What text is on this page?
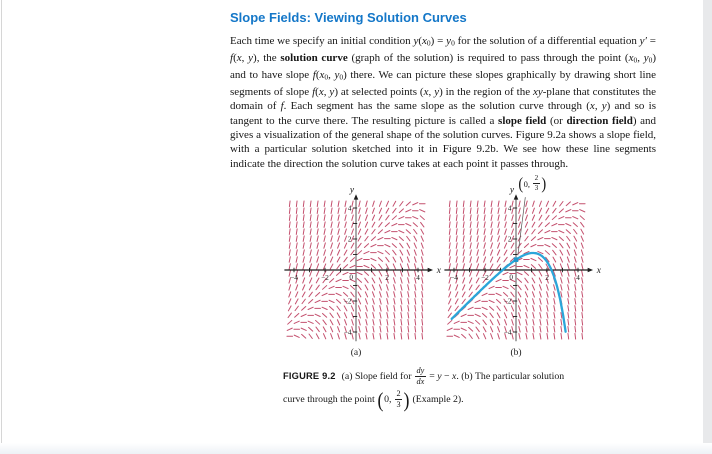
Slope Fields: Viewing Solution Curves
Each time we specify an initial condition y(x0) = y0 for the solution of a differential equation y′ = f(x, y), the solution curve (graph of the solution) is required to pass through the point (x0, y0) and to have slope f(x0, y0) there. We can picture these slopes graphically by drawing short line segments of slope f(x, y) at selected points (x, y) in the region of the xy-plane that constitutes the domain of f. Each segment has the same slope as the solution curve through (x, y) and so is tangent to the curve there. The resulting picture is called a slope field (or direction field) and gives a visualization of the general shape of the solution curves. Figure 9.2a shows a slope field, with a particular solution sketched into it in Figure 9.2b. We see how these line segments indicate the direction the solution curve takes at each point it passes through.
−4
−4
−2
−2
2
2
4
4
0
x
y
(a)
−4
−4
−2
−2
2
2
4
4
0
x
y
(b)
( 0, $\frac{2}{3}$ )
FIGURE 9.2 (a) Slope field for $\frac{dy}{dx} = y - x$. (b) The particular solution
curve through the point (0, $\frac{2}{3}$ ) (Example 2).
